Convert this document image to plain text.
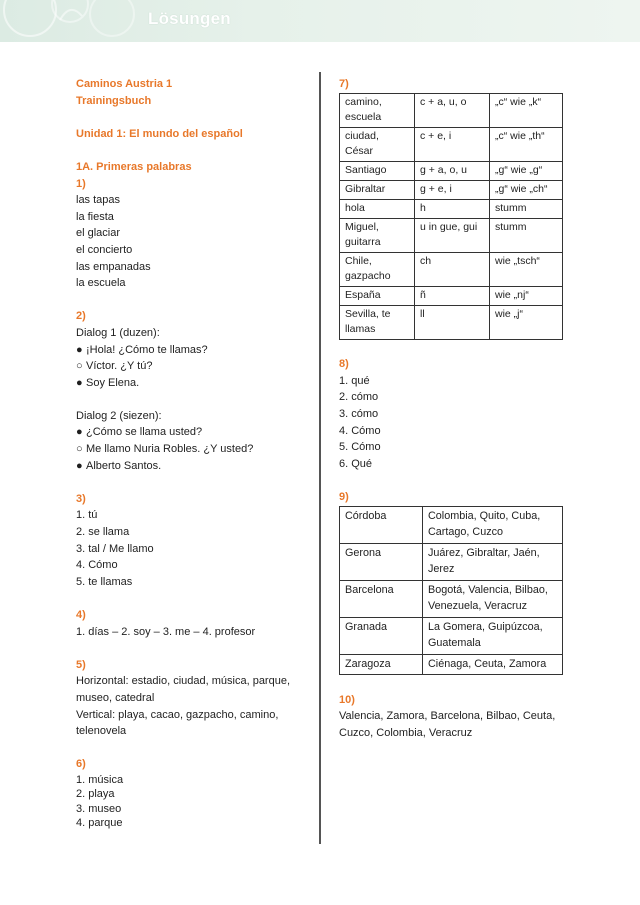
Lösungen
Caminos Austria 1
Trainingsbuch
Unidad 1: El mundo del español
1A. Primeras palabras
1)
las tapas
la fiesta
el glaciar
el concierto
las empanadas
la escuela
2)
Dialog 1 (duzen):
● ¡Hola! ¿Cómo te llamas?
○ Víctor. ¿Y tú?
● Soy Elena.
Dialog 2 (siezen):
● ¿Cómo se llama usted?
○ Me llamo Nuria Robles. ¿Y usted?
● Alberto Santos.
3)
1. tú
2. se llama
3. tal / Me llamo
4. Cómo
5. te llamas
4)
1. días – 2. soy – 3. me – 4. profesor
5)
Horizontal: estadio, ciudad, música, parque, museo, catedral
Vertical: playa, cacao, gazpacho, camino, telenovela
6)
1. música
2. playa
3. museo
4. parque
7)
camino, escuela	c + a, u, o	„c“ wie „k“
ciudad, César	c + e, i	„c“ wie „th“
Santiago	g + a, o, u	„g“ wie „g“
Gibraltar	g + e, i	„g“ wie „ch“
hola	h	stumm
Miguel, guitarra	u in gue, gui	stumm
Chile, gazpacho	ch	wie „tsch“
España	ñ	wie „nj“
Sevilla, te llamas	ll	wie „j“
8)
1. qué
2. cómo
3. cómo
4. Cómo
5. Cómo
6. Qué
9)
Córdoba	Colombia, Quito, Cuba, Cartago, Cuzco
Gerona	Juárez, Gibraltar, Jaén, Jerez
Barcelona	Bogotá, Valencia, Bilbao, Venezuela, Veracruz
Granada	La Gomera, Guipúzcoa, Guatemala
Zaragoza	Ciénaga, Ceuta, Zamora
10)
Valencia, Zamora, Barcelona, Bilbao, Ceuta, Cuzco, Colombia, Veracruz
